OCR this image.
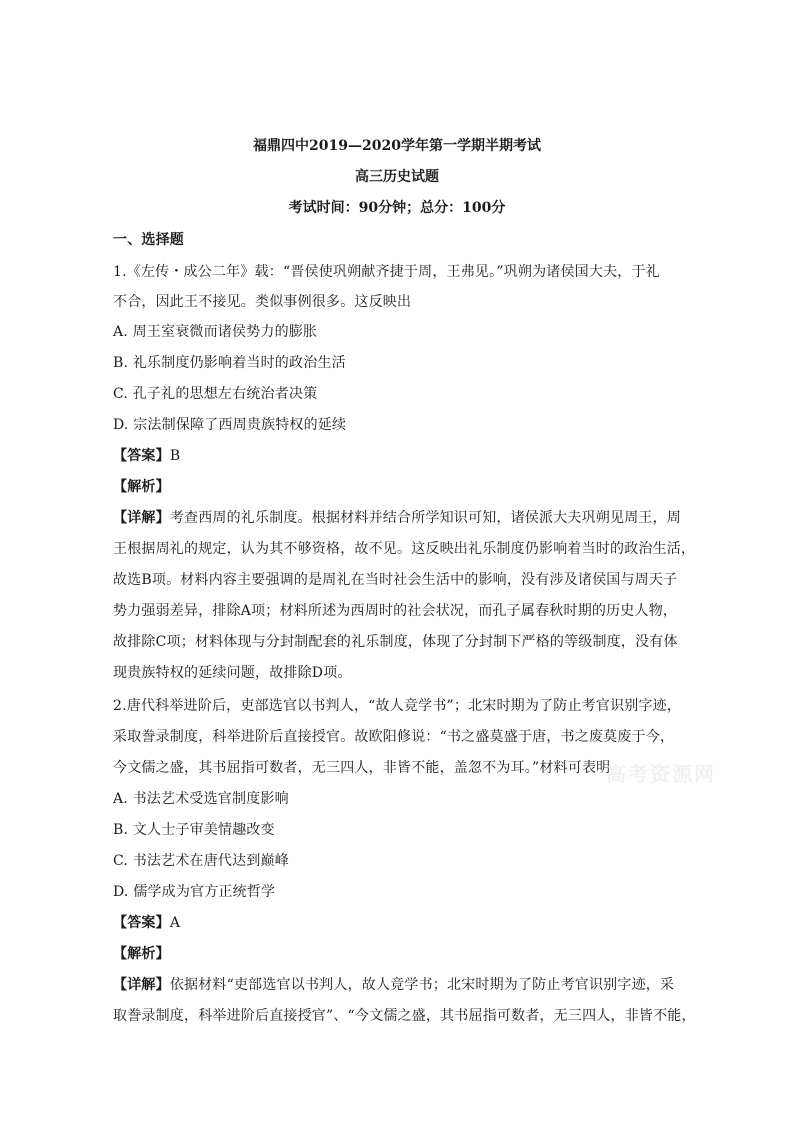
福鼎四中2019—2020学年第一学期半期考试
高三历史试题
考试时间：90分钟；总分：100分
一、选择题
1.《左传・成公二年》载：“晋侯使巩朔献齐捷于周，王弗见。”巩朔为诸侯国大夫，于礼
不合，因此王不接见。类似事例很多。这反映出
A. 周王室衰微而诸侯势力的膨胀
B. 礼乐制度仍影响着当时的政治生活
C. 孔子礼的思想左右统治者决策
D. 宗法制保障了西周贵族特权的延续
【答案】B
【解析】
【详解】考查西周的礼乐制度。根据材料并结合所学知识可知，诸侯派大夫巩朔见周王，周
王根据周礼的规定，认为其不够资格，故不见。这反映出礼乐制度仍影响着当时的政治生活，
故选B项。材料内容主要强调的是周礼在当时社会生活中的影响，没有涉及诸侯国与周天子
势力强弱差异，排除A项；材料所述为西周时的社会状况，而孔子属春秋时期的历史人物，
故排除C项；材料体现与分封制配套的礼乐制度，体现了分封制下严格的等级制度，没有体
现贵族特权的延续问题，故排除D项。
2.唐代科举进阶后，吏部选官以书判人，“故人竞学书”；北宋时期为了防止考官识别字迹，
采取誊录制度，科举进阶后直接授官。故欧阳修说：“书之盛莫盛于唐，书之废莫废于今，
今文儒之盛，其书屈指可数者，无三四人，非皆不能，盖忽不为耳。”材料可表明
A. 书法艺术受选官制度影响
B. 文人士子审美情趣改变
C. 书法艺术在唐代达到巅峰
D. 儒学成为官方正统哲学
【答案】A
【解析】
【详解】依据材料“吏部选官以书判人，故人竞学书；北宋时期为了防止考官识别字迹，采
取誊录制度，科举进阶后直接授官”、“今文儒之盛，其书屈指可数者，无三四人，非皆不能，
高考资源网
